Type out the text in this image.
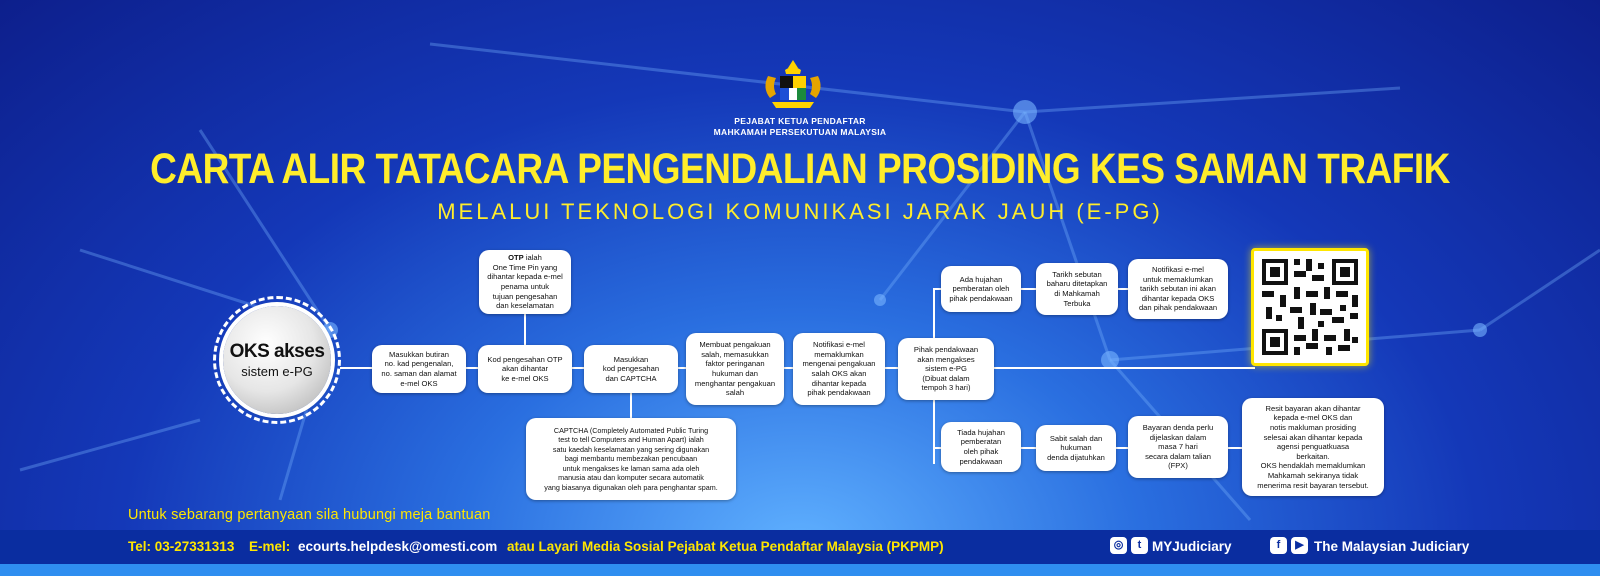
PEJABAT KETUA PENDAFTAR
MAHKAMAH PERSEKUTUAN MALAYSIA
CARTA ALIR TATACARA PENGENDALIAN PROSIDING KES SAMAN TRAFIK
MELALUI TEKNOLOGI KOMUNIKASI JARAK JAUH (E-PG)
OKS akses
sistem e-PG
Masukkan butiran
no. kad pengenalan,
no. saman dan alamat
e-mel OKS
Kod pengesahan OTP
akan dihantar
ke e-mel OKS
OTP ialah
One Time Pin yang
dihantar kepada e-mel
penama untuk
tujuan pengesahan
dan keselamatan
Masukkan
kod pengesahan
dan CAPTCHA
CAPTCHA (Completely Automated Public Turing
test to tell Computers and Human Apart) ialah
satu kaedah keselamatan yang sering digunakan
bagi membantu membezakan pencubaan
untuk mengakses ke laman sama ada oleh
manusia atau dan komputer secara automatik
yang biasanya digunakan oleh para penghantar spam.
Membuat pengakuan
salah, memasukkan
faktor peringanan
hukuman dan
menghantar pengakuan
salah
Notifikasi e-mel
memaklumkan
mengenai pengakuan
salah OKS akan
dihantar kepada
pihak pendakwaan
Pihak pendakwaan
akan mengakses
sistem e-PG
(Dibuat dalam
tempoh 3 hari)
Ada hujahan
pemberatan oleh
pihak pendakwaan
Tarikh sebutan
baharu ditetapkan
di Mahkamah
Terbuka
Notifikasi e-mel
untuk memaklumkan
tarikh sebutan ini akan
dihantar kepada OKS
dan pihak pendakwaan
Tiada hujahan
pemberatan
oleh pihak
pendakwaan
Sabit salah dan
hukuman
denda dijatuhkan
Bayaran denda perlu
dijelaskan dalam
masa 7 hari
secara dalam talian
(FPX)
Resit bayaran akan dihantar
kepada e-mel OKS dan
notis makluman prosiding
selesai akan dihantar kepada
agensi penguatkuasa
berkaitan.
OKS hendaklah memaklumkan
Mahkamah sekiranya tidak
menerima resit bayaran tersebut.
Untuk sebarang pertanyaan sila hubungi meja bantuan
Tel: 03-27331313 E-mel: ecourts.helpdesk@omesti.com atau Layari Media Sosial Pejabat Ketua Pendaftar Malaysia (PKPMP)	◎	t MYJudiciary	f	▶ The Malaysian Judiciary
